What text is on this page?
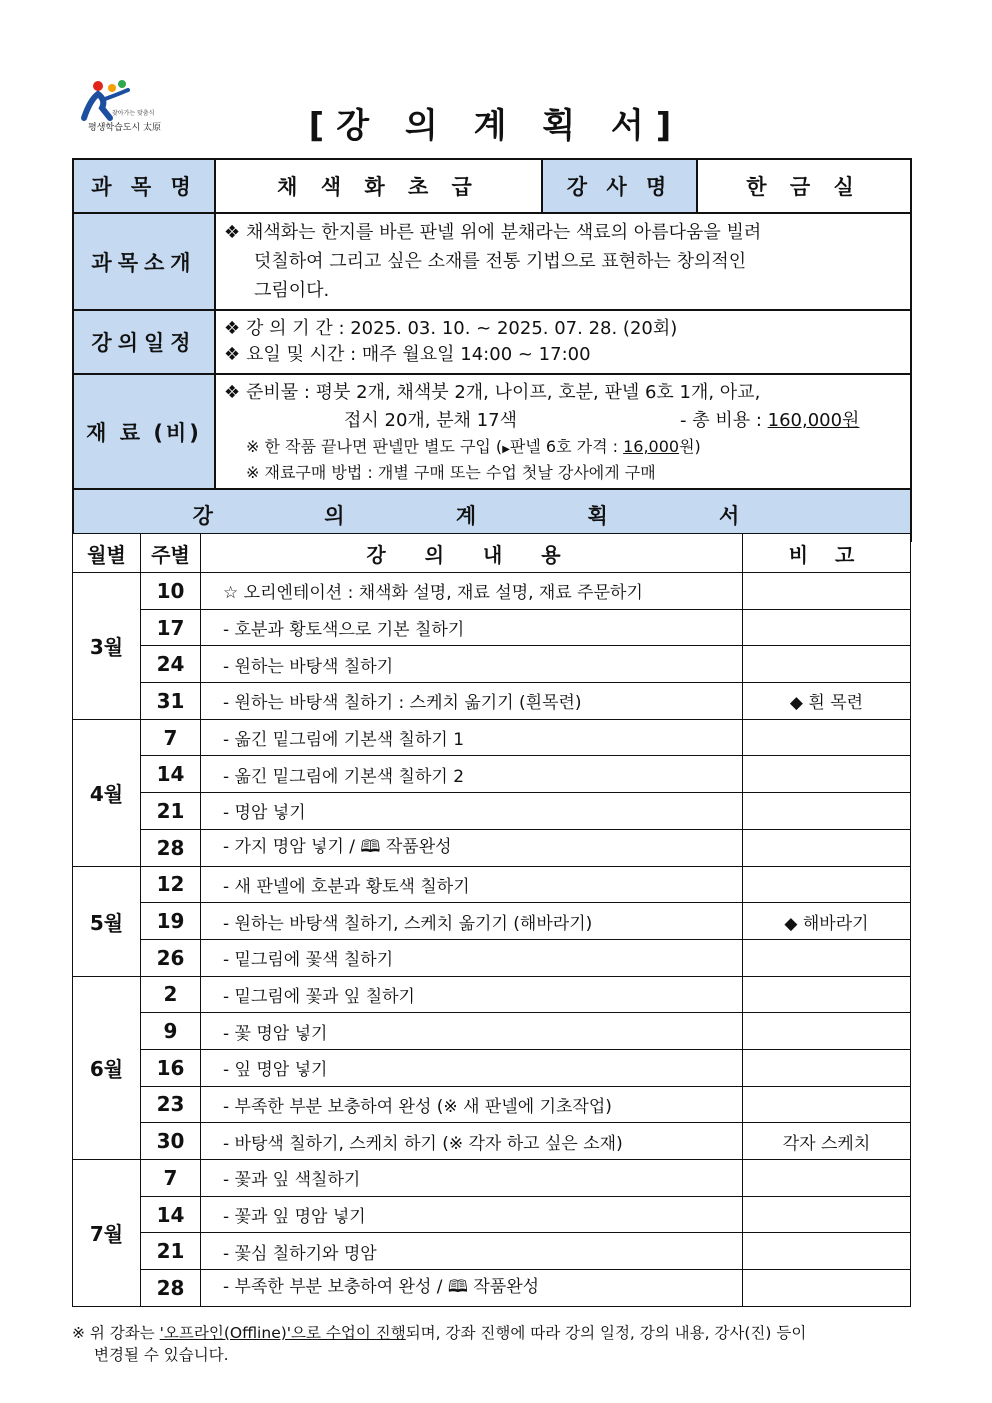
찾아가는 맞춤식
평생학습도시 太原	[강 의 계 획 서]
과 목 명	채 색 화 초 급	강 사 명	한 금 실
과목소개	❖ 채색화는 한지를 바른 판넬 위에 분채라는 색료의 아름다움을 빌려
덧칠하여 그리고 싶은 소재를 전통 기법으로 표현하는 창의적인
그림이다.		

강의일정	❖ 강 의 기 간 : 2025. 03. 10. ~ 2025. 07. 28. (20회)
❖ 요일 및 시간 : 매주 월요일 14:00 ~ 17:00		

재 료 (비)	❖ 준비물 : 평붓 2개, 채색붓 2개, 나이프, 호분, 판넬 6호 1개, 아교,
접시 20개, 분채 17색 - 총 비용 : 160,000원
※ 한 작품 끝나면 판넬만 별도 구입 (▶판넬 6호 가격 : 16,000원)
※ 재료구매 방법 : 개별 구매 또는 수업 첫날 강사에게 구매		

강 의 계 획 서			
월별	주별	강 의 내 용	비 고
3월	10	☆ 오리엔테이션 : 채색화 설명, 재료 설명, 재료 주문하기	
	17	- 호분과 황토색으로 기본 칠하기	
	24	- 원하는 바탕색 칠하기	
	31	- 원하는 바탕색 칠하기 : 스케치 옮기기 (흰목련)	◆ 흰 목련
4월	7	- 옮긴 밑그림에 기본색 칠하기 1	
	14	- 옮긴 밑그림에 기본색 칠하기 2	
	21	- 명암 넣기	
	28	- 가지 명암 넣기 / 🕮 작품완성	
5월	12	- 새 판넬에 호분과 황토색 칠하기	
	19	- 원하는 바탕색 칠하기, 스케치 옮기기 (해바라기)	◆ 해바라기
	26	- 밑그림에 꽃색 칠하기	
6월	2	- 밑그림에 꽃과 잎 칠하기	
	9	- 꽃 명암 넣기	
	16	- 잎 명암 넣기	
	23	- 부족한 부분 보충하여 완성 (※ 새 판넬에 기초작업)	
	30	- 바탕색 칠하기, 스케치 하기 (※ 각자 하고 싶은 소재)	각자 스케치
7월	7	- 꽃과 잎 색칠하기	
	14	- 꽃과 잎 명암 넣기	
	21	- 꽃심 칠하기와 명암	
	28	- 부족한 부분 보충하여 완성 / 🕮 작품완성	
※ 위 강좌는 '오프라인(Offline)'으로 수업이 진행되며, 강좌 진행에 따라 강의 일정, 강의 내용, 강사(진) 등이
변경될 수 있습니다.
